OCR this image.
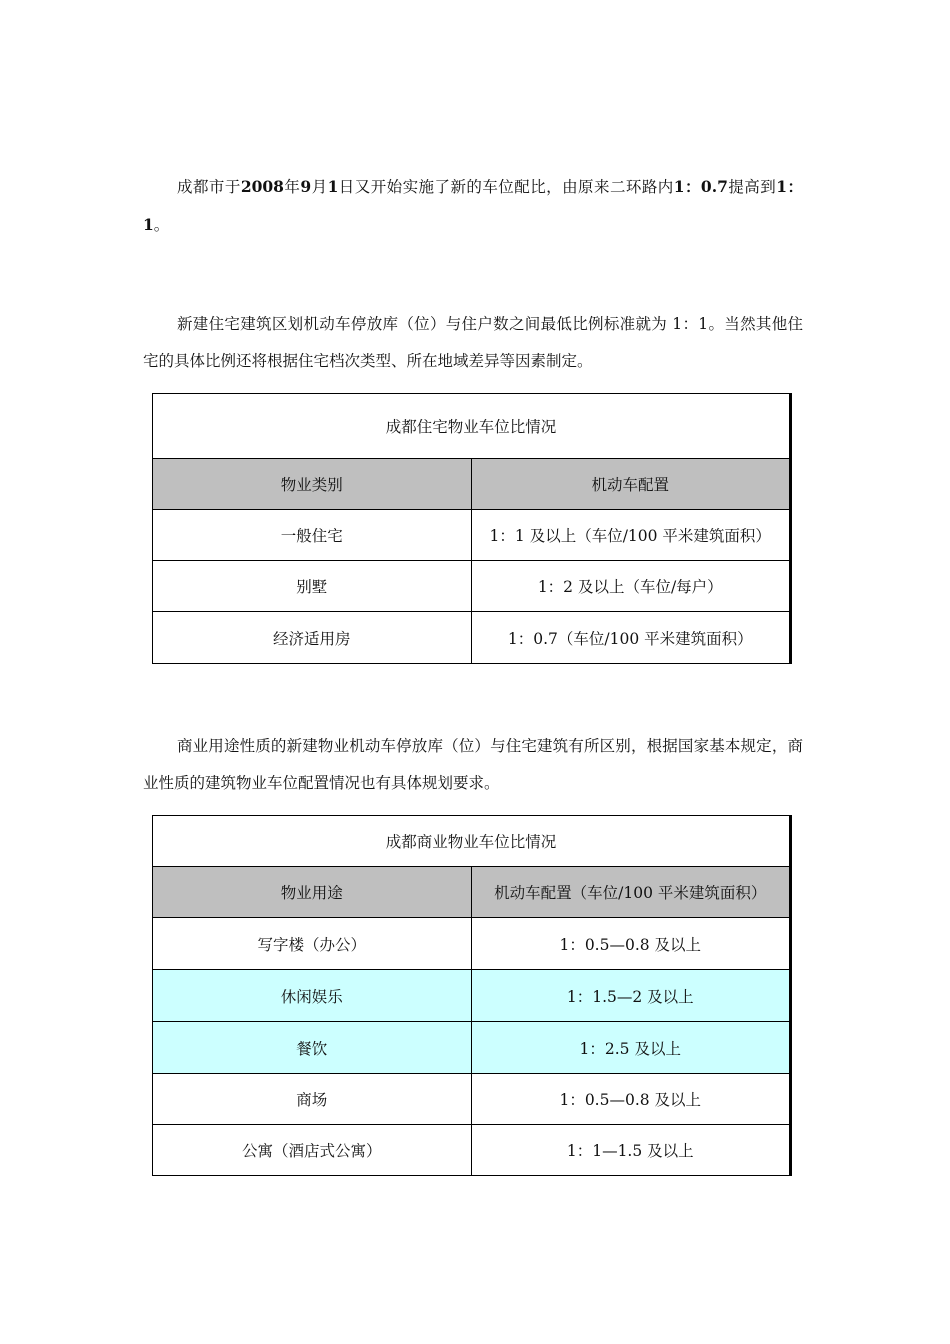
成都市于2008年9月1日又开始实施了新的车位配比，由原来二环路内1：0.7提高到1：1。

新建住宅建筑区划机动车停放库（位）与住户数之间最低比例标准就为 1：1。当然其他住宅的具体比例还将根据住宅档次类型、所在地域差异等因素制定。

成都住宅物业车位比情况	
物业类别	机动车配置
一般住宅	1：1 及以上（车位/100 平米建筑面积）
别墅	1：2 及以上（车位/每户）
经济适用房	1：0.7（车位/100 平米建筑面积）

商业用途性质的新建物业机动车停放库（位）与住宅建筑有所区别，根据国家基本规定，商业性质的建筑物业车位配置情况也有具体规划要求。

成都商业物业车位比情况	
物业用途	机动车配置（车位/100 平米建筑面积）
写字楼（办公）	1：0.5—0.8 及以上
休闲娱乐	1：1.5—2 及以上
餐饮	1：2.5 及以上
商场	1：0.5—0.8 及以上
公寓（酒店式公寓）	1：1—1.5 及以上
